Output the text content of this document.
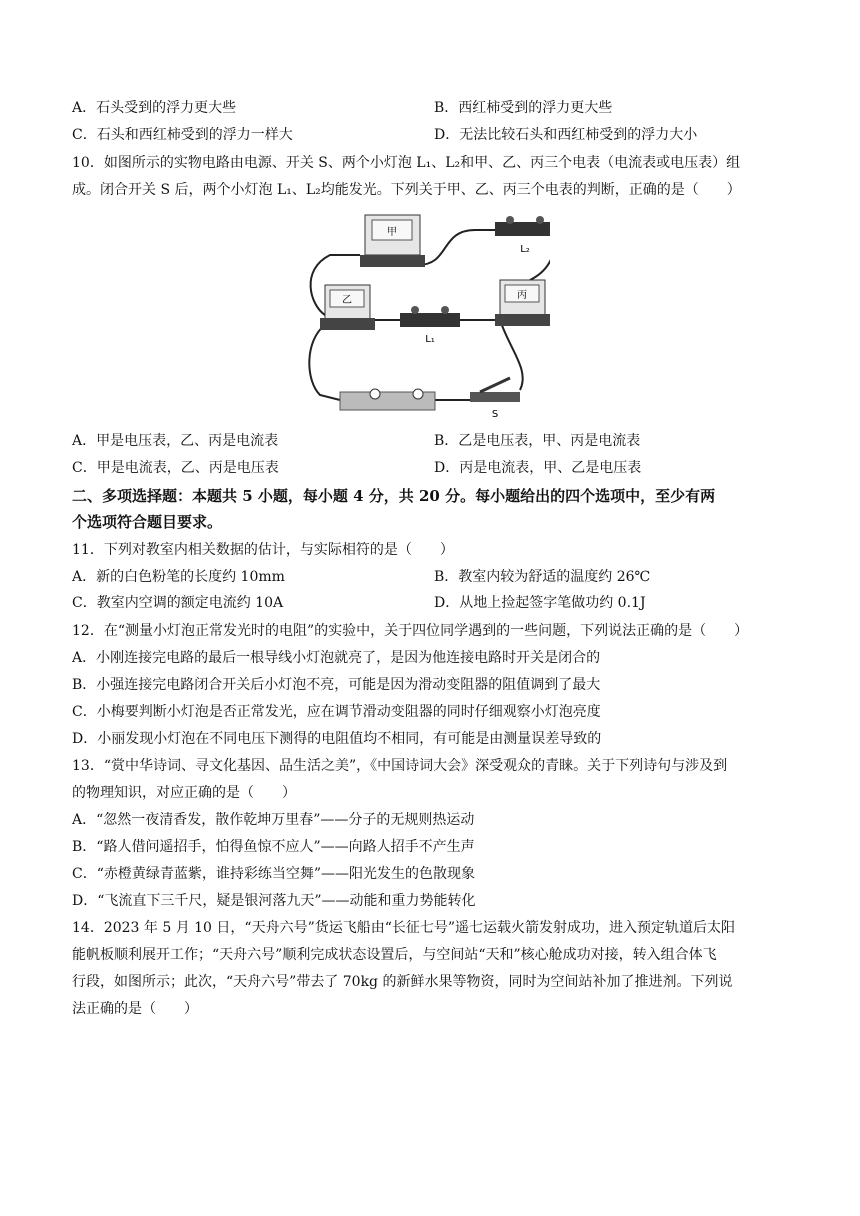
A．石头受到的浮力更大些	B．西红柿受到的浮力更大些
C．石头和西红柿受到的浮力一样大	D．无法比较石头和西红柿受到的浮力大小
10．如图所示的实物电路由电源、开关 S、两个小灯泡 L₁、L₂和甲、乙、丙三个电表（电流表或电压表）组
成。闭合开关 S 后，两个小灯泡 L₁、L₂均能发光。下列关于甲、乙、丙三个电表的判断，正确的是（　　）
甲
L₂
乙
L₁
丙
S
A．甲是电压表，乙、丙是电流表	B．乙是电压表，甲、丙是电流表
C．甲是电流表，乙、丙是电压表	D．丙是电流表，甲、乙是电压表
二、多项选择题：本题共 5 小题，每小题 4 分，共 20 分。每小题给出的四个选项中，至少有两
个选项符合题目要求。
11．下列对教室内相关数据的估计，与实际相符的是（　　）
A．新的白色粉笔的长度约 10mm	B．教室内较为舒适的温度约 26℃
C．教室内空调的额定电流约 10A	D．从地上捡起签字笔做功约 0.1J
12．在“测量小灯泡正常发光时的电阻”的实验中，关于四位同学遇到的一些问题，下列说法正确的是（　　）
A．小刚连接完电路的最后一根导线小灯泡就亮了，是因为他连接电路时开关是闭合的
B．小强连接完电路闭合开关后小灯泡不亮，可能是因为滑动变阻器的阻值调到了最大
C．小梅要判断小灯泡是否正常发光，应在调节滑动变阻器的同时仔细观察小灯泡亮度
D．小丽发现小灯泡在不同电压下测得的电阻值均不相同，有可能是由测量误差导致的
13．“赏中华诗词、寻文化基因、品生活之美”，《中国诗词大会》深受观众的青睐。关于下列诗句与涉及到
的物理知识，对应正确的是（　　）
A．“忽然一夜清香发，散作乾坤万里春”——分子的无规则热运动
B．“路人借问遥招手，怕得鱼惊不应人”——向路人招手不产生声
C．“赤橙黄绿青蓝紫，谁持彩练当空舞”——阳光发生的色散现象
D．“飞流直下三千尺，疑是银河落九天”——动能和重力势能转化
14．2023 年 5 月 10 日，“天舟六号”货运飞船由“长征七号”遥七运载火箭发射成功，进入预定轨道后太阳
能帆板顺利展开工作；“天舟六号”顺利完成状态设置后，与空间站“天和”核心舱成功对接，转入组合体飞
行段，如图所示；此次，“天舟六号”带去了 70kg 的新鲜水果等物资，同时为空间站补加了推进剂。下列说
法正确的是（　　）
